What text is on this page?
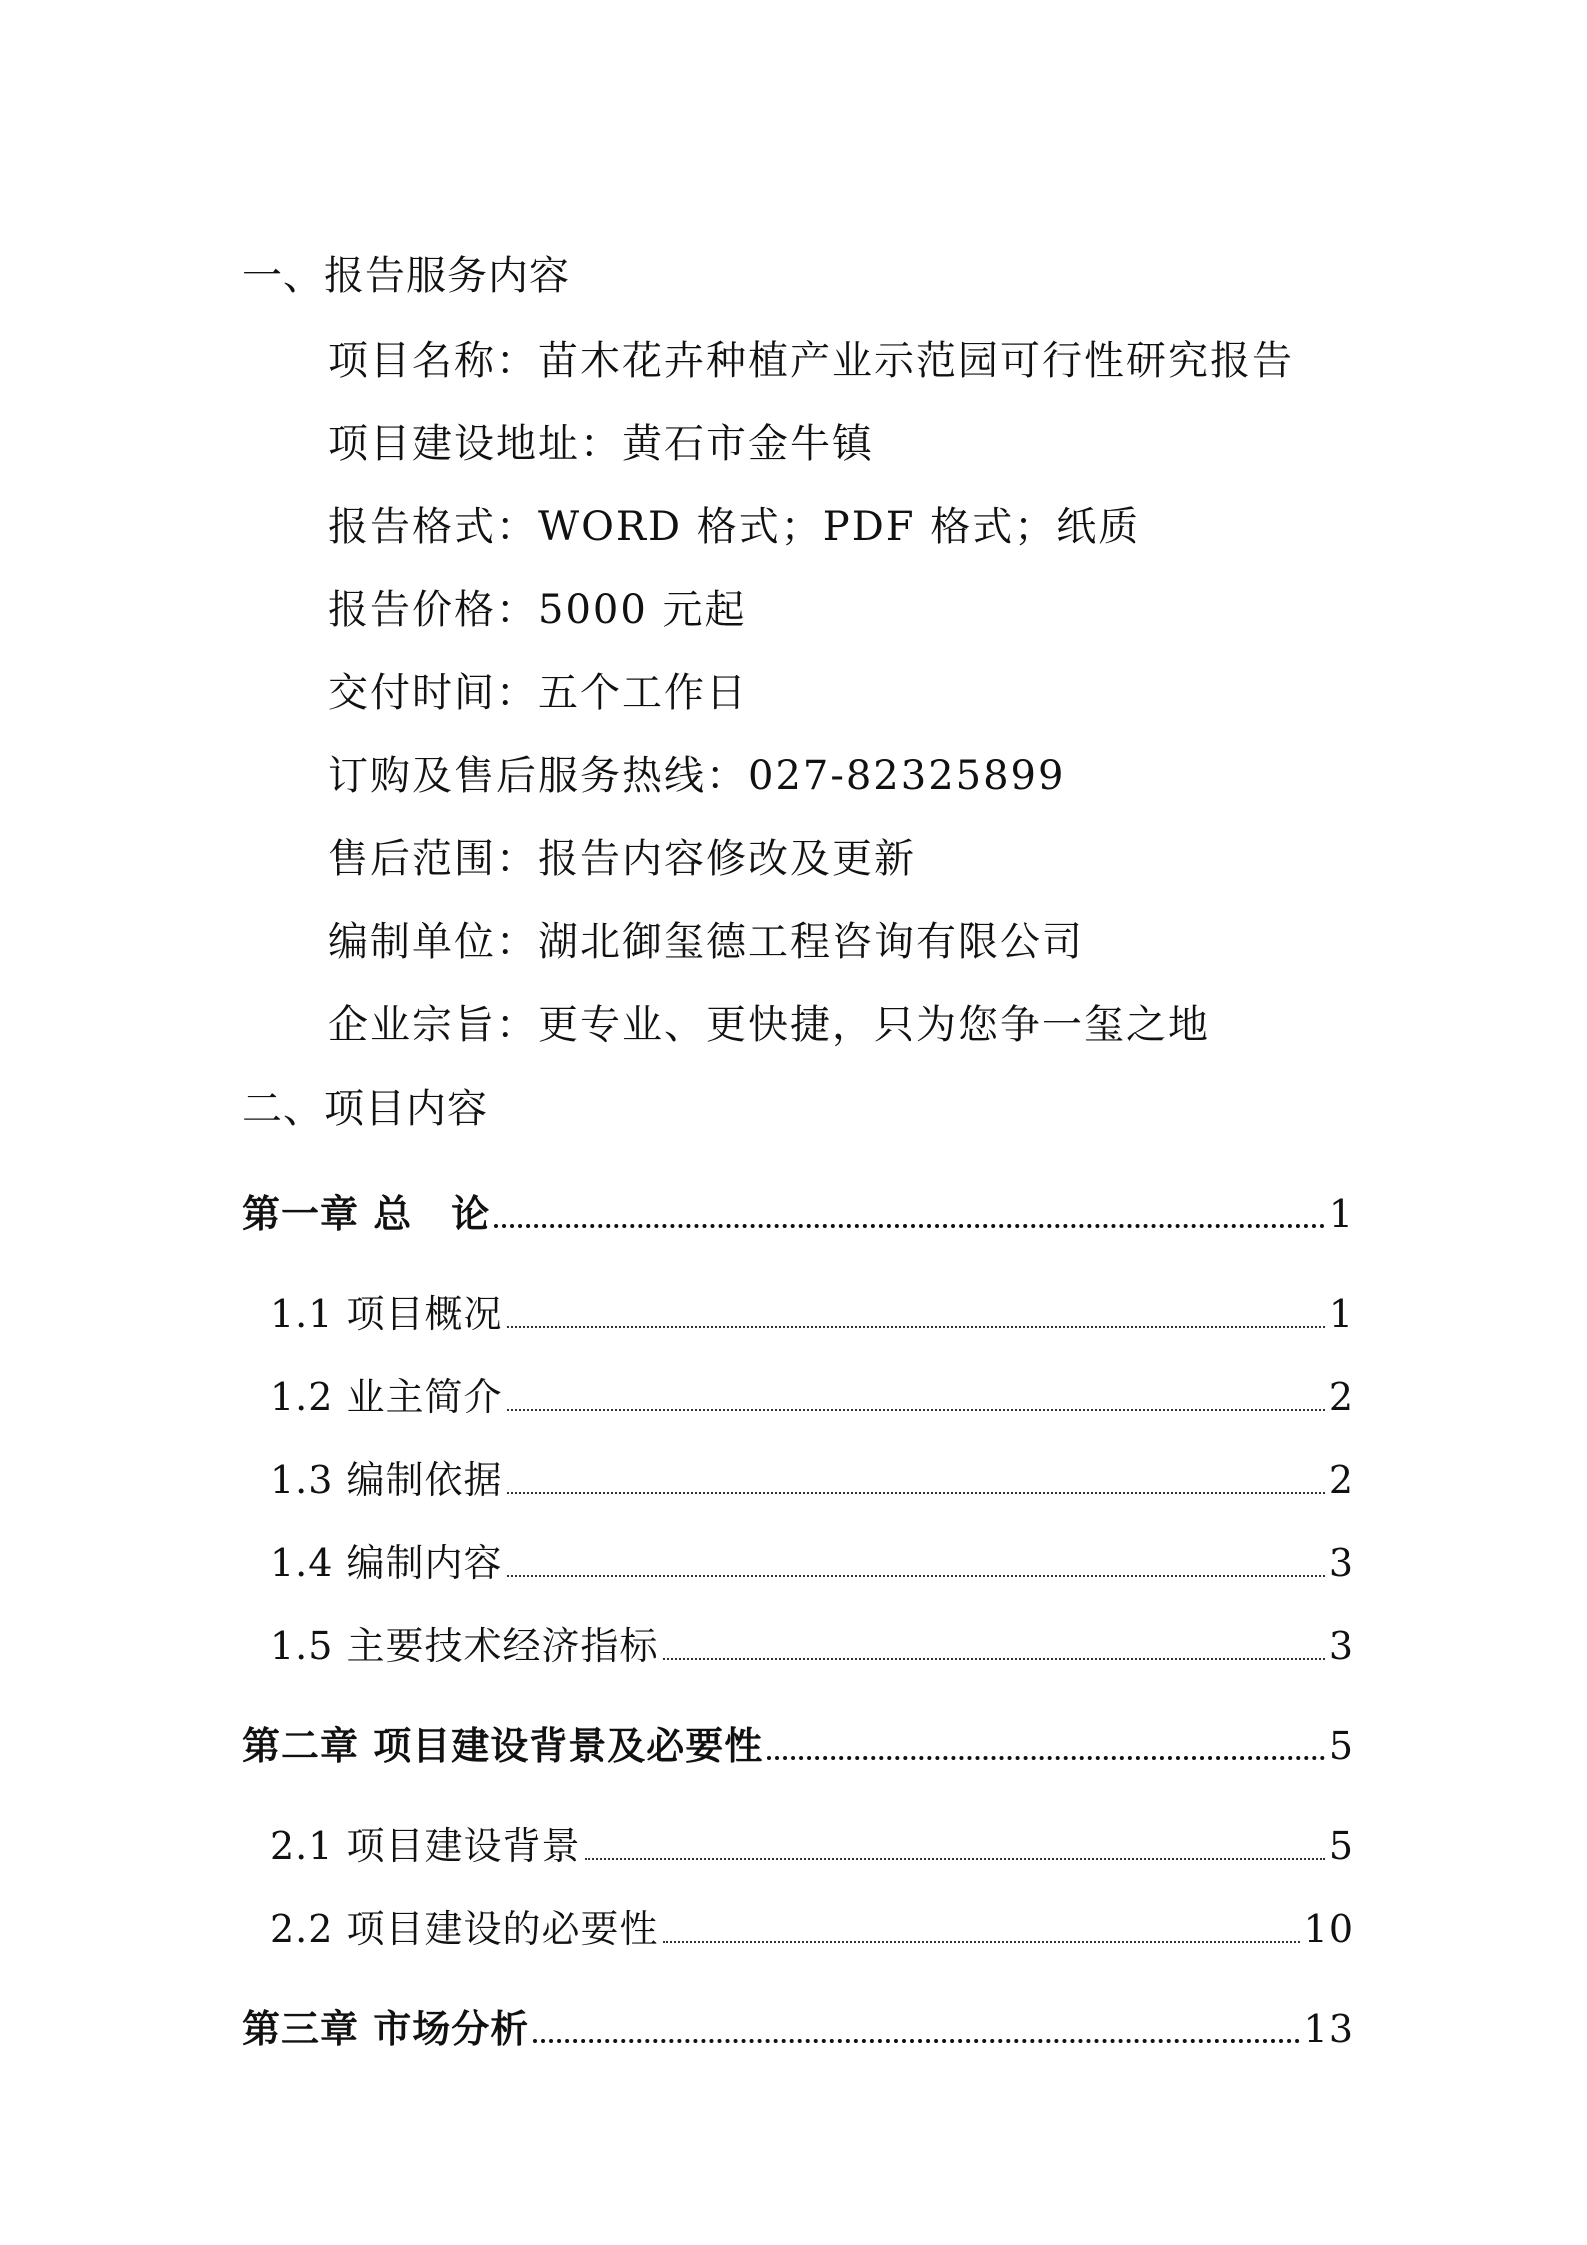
一、报告服务内容
项目名称：苗木花卉种植产业示范园可行性研究报告
项目建设地址：黄石市金牛镇
报告格式：WORD 格式；PDF 格式；纸质
报告价格：5000 元起
交付时间：五个工作日
订购及售后服务热线：027-82325899
售后范围：报告内容修改及更新
编制单位：湖北御玺德工程咨询有限公司
企业宗旨：更专业、更快捷，只为您争一玺之地
二、项目内容
第一章 总　论	1
1.1 项目概况	1
1.2 业主简介	2
1.3 编制依据	2
1.4 编制内容	3
1.5 主要技术经济指标	3
第二章 项目建设背景及必要性	5
2.1 项目建设背景	5
2.2 项目建设的必要性	10
第三章 市场分析	13
